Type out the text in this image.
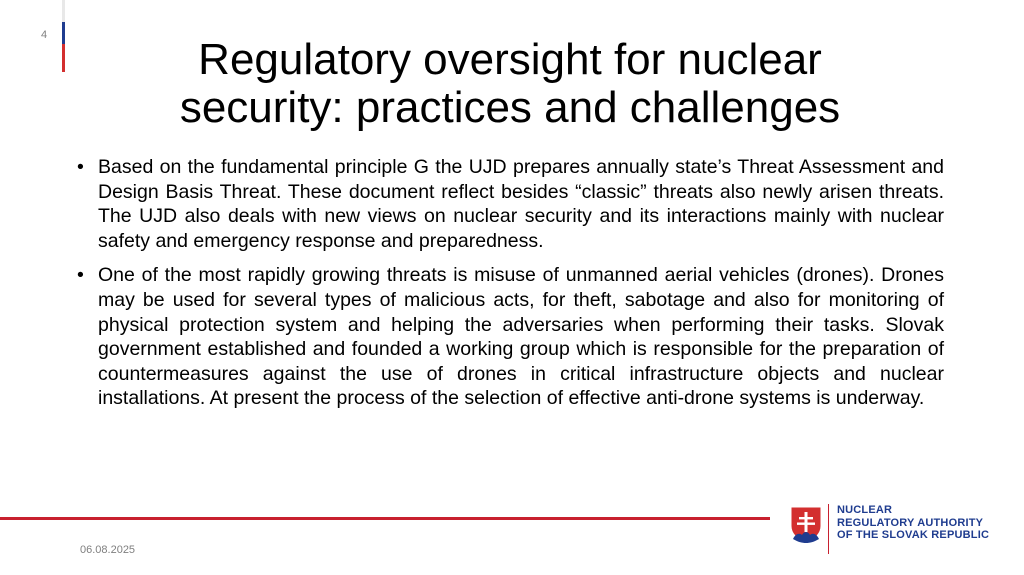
4	Regulatory oversight for nuclear
security: practices and challenges
• Based on the fundamental principle G the UJD prepares annually state’s Threat Assessment and Design Basis Threat. These document reflect besides “classic” threats also newly arisen threats. The UJD also deals with new views on nuclear security and its interactions mainly with nuclear safety and emergency response and preparedness.
• One of the most rapidly growing threats is misuse of unmanned aerial vehicles (drones). Drones may be used for several types of malicious acts, for theft, sabotage and also for monitoring of physical protection system and helping the adversaries when performing their tasks. Slovak government established and founded a working group which is responsible for the preparation of countermeasures against the use of drones in critical infrastructure objects and nuclear installations. At present the process of the selection of effective anti-drone systems is underway.
06.08.2025
NUCLEAR
REGULATORY AUTHORITY
OF THE SLOVAK REPUBLIC
